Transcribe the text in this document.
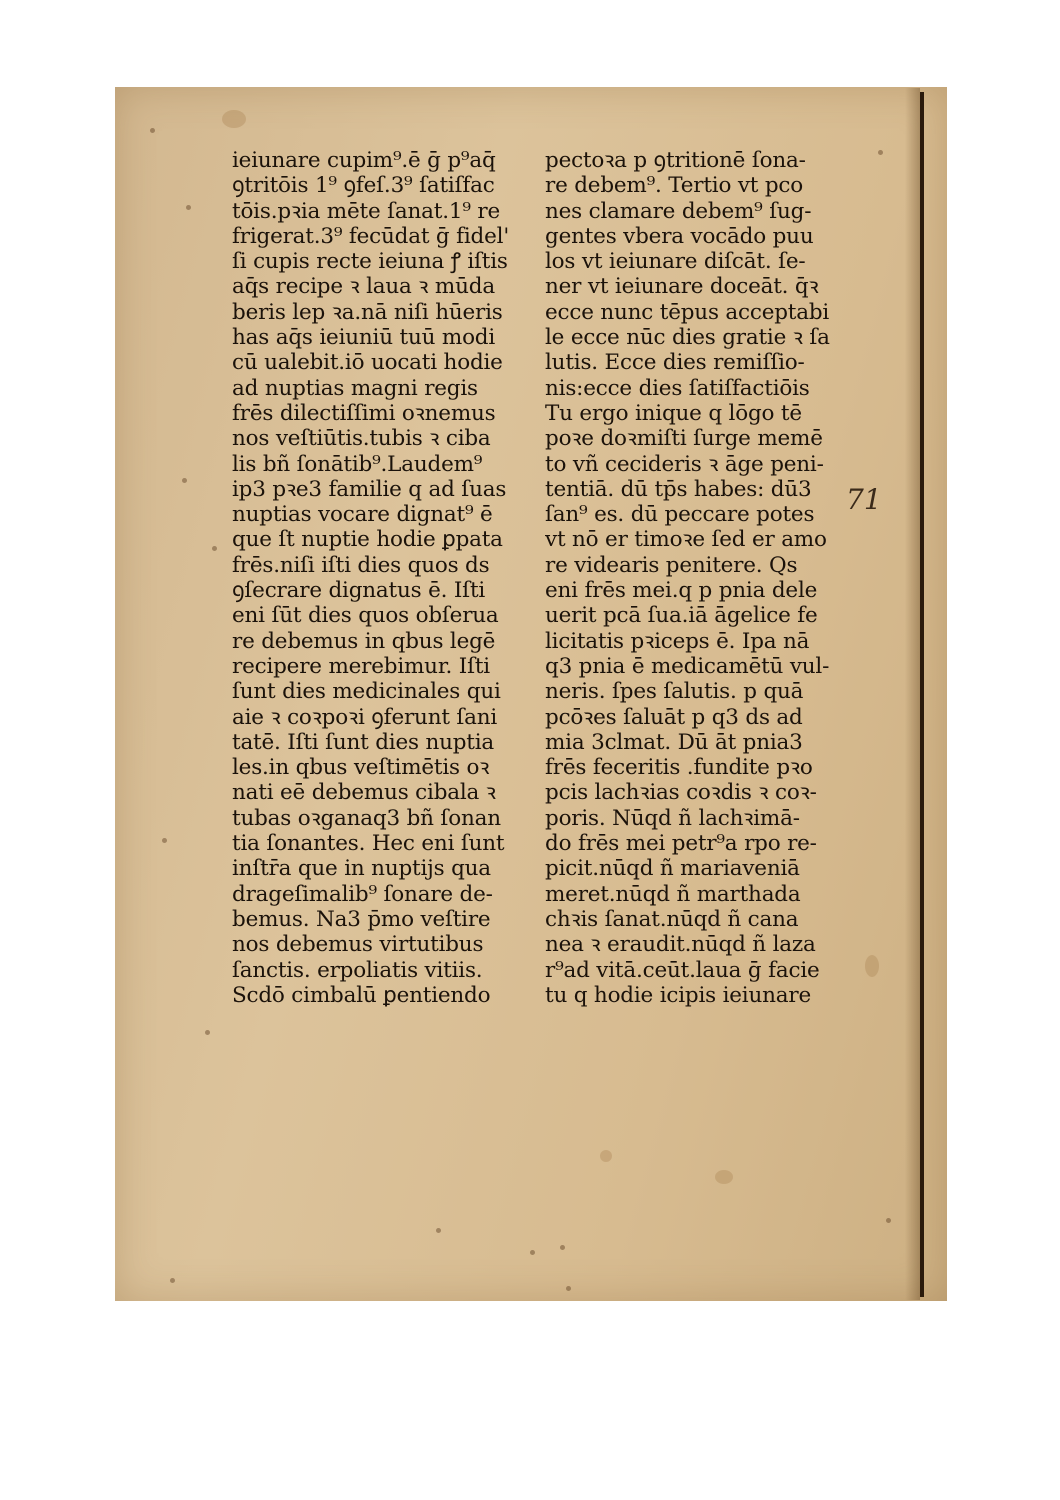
ieiunare cupim⁹.ē ḡ p⁹aq̄
ꝯtritōis 1⁹ ꝯfeſ.3⁹ ſatiſfac
tōis.pꝛia mēte ſanat.1⁹ re
frigerat.3⁹ fecūdat ḡ fidel'
ſi cupis recte ieiuna ꝭ iſtis
aq̄s recipe ꝛ laua ꝛ mūda
beris lep ꝛa.nā niſi hūeris
has aq̄s ieiuniū tuū modi
cū ualebit.iō uocati hodie
ad nuptias magni regis
frēs dilectiſſimi oꝛnemus
nos veſtiūtis.tubis ꝛ ciba
lis bñ ſonātib⁹.Laudem⁹
ip3 pꝛe3 familie q ad ſuas
nuptias vocare dignat⁹ ē
que ſt nuptie hodie ꝑpata
frēs.niſi iſti dies quos ds
ꝯſecrare dignatus ē. Iſti
eni ſūt dies quos obſerua
re debemus in qbus legē
recipere merebimur. Iſti
ſunt dies medicinales qui
aie ꝛ coꝛpoꝛi ꝯferunt ſani
tatē. Iſti ſunt dies nuptia
les.in qbus veſtimētis oꝛ
nati eē debemus cibala ꝛ
tubas oꝛganaq3 bñ ſonan
tia ſonantes. Hec eni ſunt
inſtr̄a que in nuptijs qua
drageſimalib⁹ ſonare de-
bemus. Na3 p̄mo veſtire
nos debemus virtutibus
ſanctis. erpoliatis vitiis.
Scdō cimbalū ꝑentiendo
pectoꝛa p ꝯtritionē ſona-
re debem⁹. Tertio vt pco
nes clamare debem⁹ ſug-
gentes vbera vocādo puu
los vt ieiunare diſcāt. ſe-
ner vt ieiunare doceāt. q̄ꝛ
ecce nunc tēpus acceptabi
le ecce nūc dies gratie ꝛ ſa
lutis. Ecce dies remiſſio-
nis:ecce dies ſatiſfactiōis
Tu ergo inique q lōgo tē
poꝛe doꝛmiſti ſurge memē
to vñ cecideris ꝛ āge peni-
tentiā. dū tp̄s habes: dū3
ſan⁹ es. dū peccare potes
vt nō er timoꝛe ſed er amo
re videaris penitere. Qs
eni frēs mei.q p pnia dele
uerit pcā ſua.iā āgelice fe
licitatis pꝛiceps ē. Ipa nā
q3 pnia ē medicamētū vul-
neris. ſpes ſalutis. p quā
pcōꝛes ſaluāt p q3 ds ad
mia 3clmat. Dū āt pnia3
frēs feceritis .fundite pꝛo
pcis lachꝛias coꝛdis ꝛ coꝛ-
poris. Nūqd ñ lachꝛimā-
do frēs mei petr⁹a rpo re-
picit.nūqd ñ mariaveniā
meret.nūqd ñ marthada
chꝛis ſanat.nūqd ñ cana
nea ꝛ eraudit.nūqd ñ laza
r⁹ad vitā.ceūt.laua ḡ facie
tu q hodie icipis ieiunare
71
